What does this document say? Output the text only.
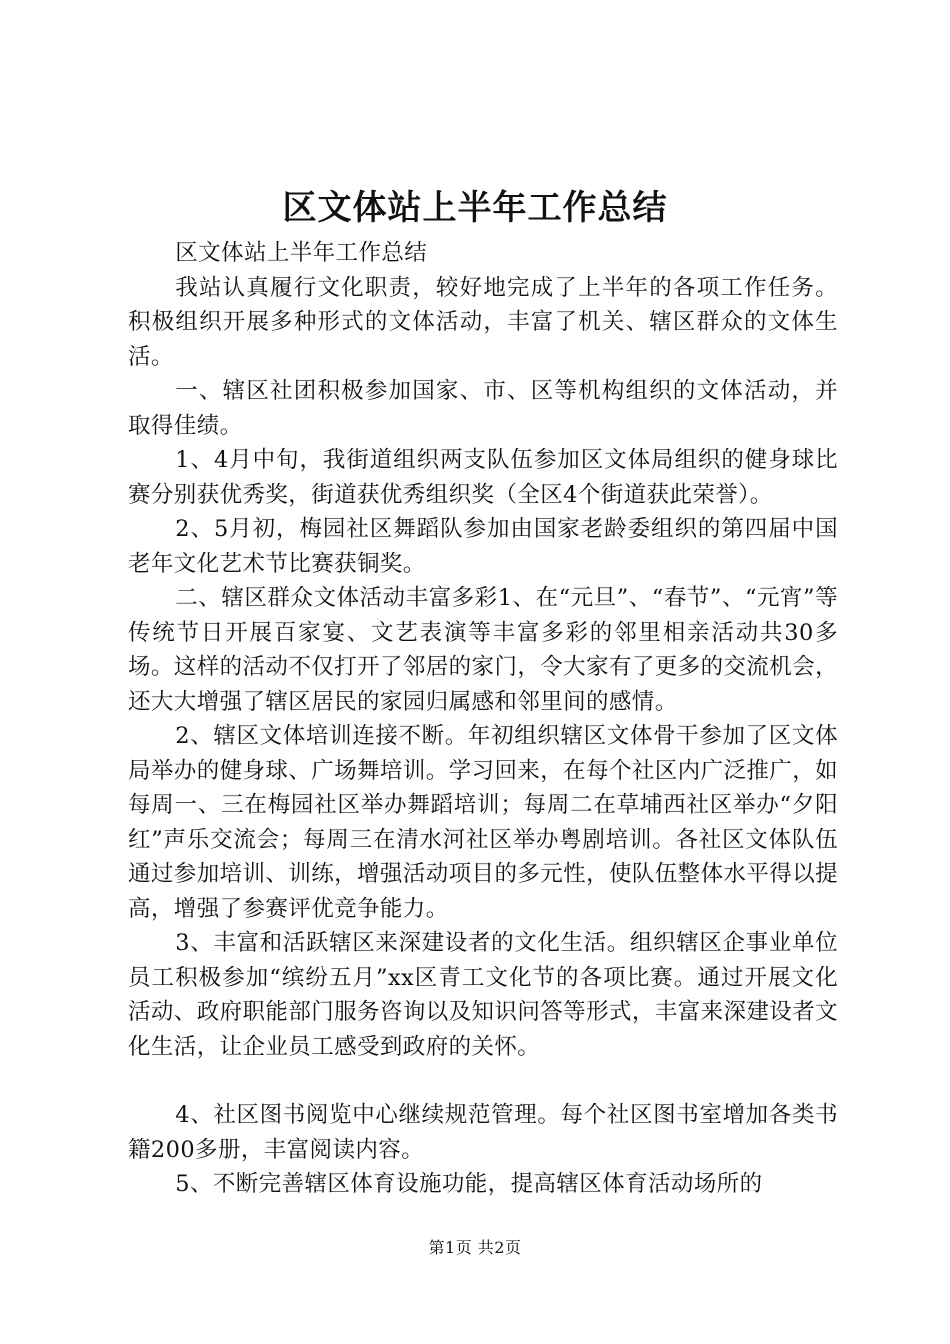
区文体站上半年工作总结

区文体站上半年工作总结

我站认真履行文化职责，较好地完成了上半年的各项工作任务。积极组织开展多种形式的文体活动，丰富了机关、辖区群众的文体生活。

一、辖区社团积极参加国家、市、区等机构组织的文体活动，并取得佳绩。

1、4月中旬，我街道组织两支队伍参加区文体局组织的健身球比赛分别获优秀奖，街道获优秀组织奖（全区4个街道获此荣誉）。

2、5月初，梅园社区舞蹈队参加由国家老龄委组织的第四届中国老年文化艺术节比赛获铜奖。

二、辖区群众文体活动丰富多彩1、在“元旦”、“春节”、“元宵”等传统节日开展百家宴、文艺表演等丰富多彩的邻里相亲活动共30多场。这样的活动不仅打开了邻居的家门，令大家有了更多的交流机会，还大大增强了辖区居民的家园归属感和邻里间的感情。

2、辖区文体培训连接不断。年初组织辖区文体骨干参加了区文体局举办的健身球、广场舞培训。学习回来，在每个社区内广泛推广，如每周一、三在梅园社区举办舞蹈培训；每周二在草埔西社区举办“夕阳红”声乐交流会；每周三在清水河社区举办粤剧培训。各社区文体队伍通过参加培训、训练，增强活动项目的多元性，使队伍整体水平得以提高，增强了参赛评优竞争能力。

3、丰富和活跃辖区来深建设者的文化生活。组织辖区企事业单位员工积极参加“缤纷五月”xx区青工文化节的各项比赛。通过开展文化活动、政府职能部门服务咨询以及知识问答等形式，丰富来深建设者文化生活，让企业员工感受到政府的关怀。

4、社区图书阅览中心继续规范管理。每个社区图书室增加各类书籍200多册，丰富阅读内容。

5、不断完善辖区体育设施功能，提高辖区体育活动场所的

第1页 共2页
